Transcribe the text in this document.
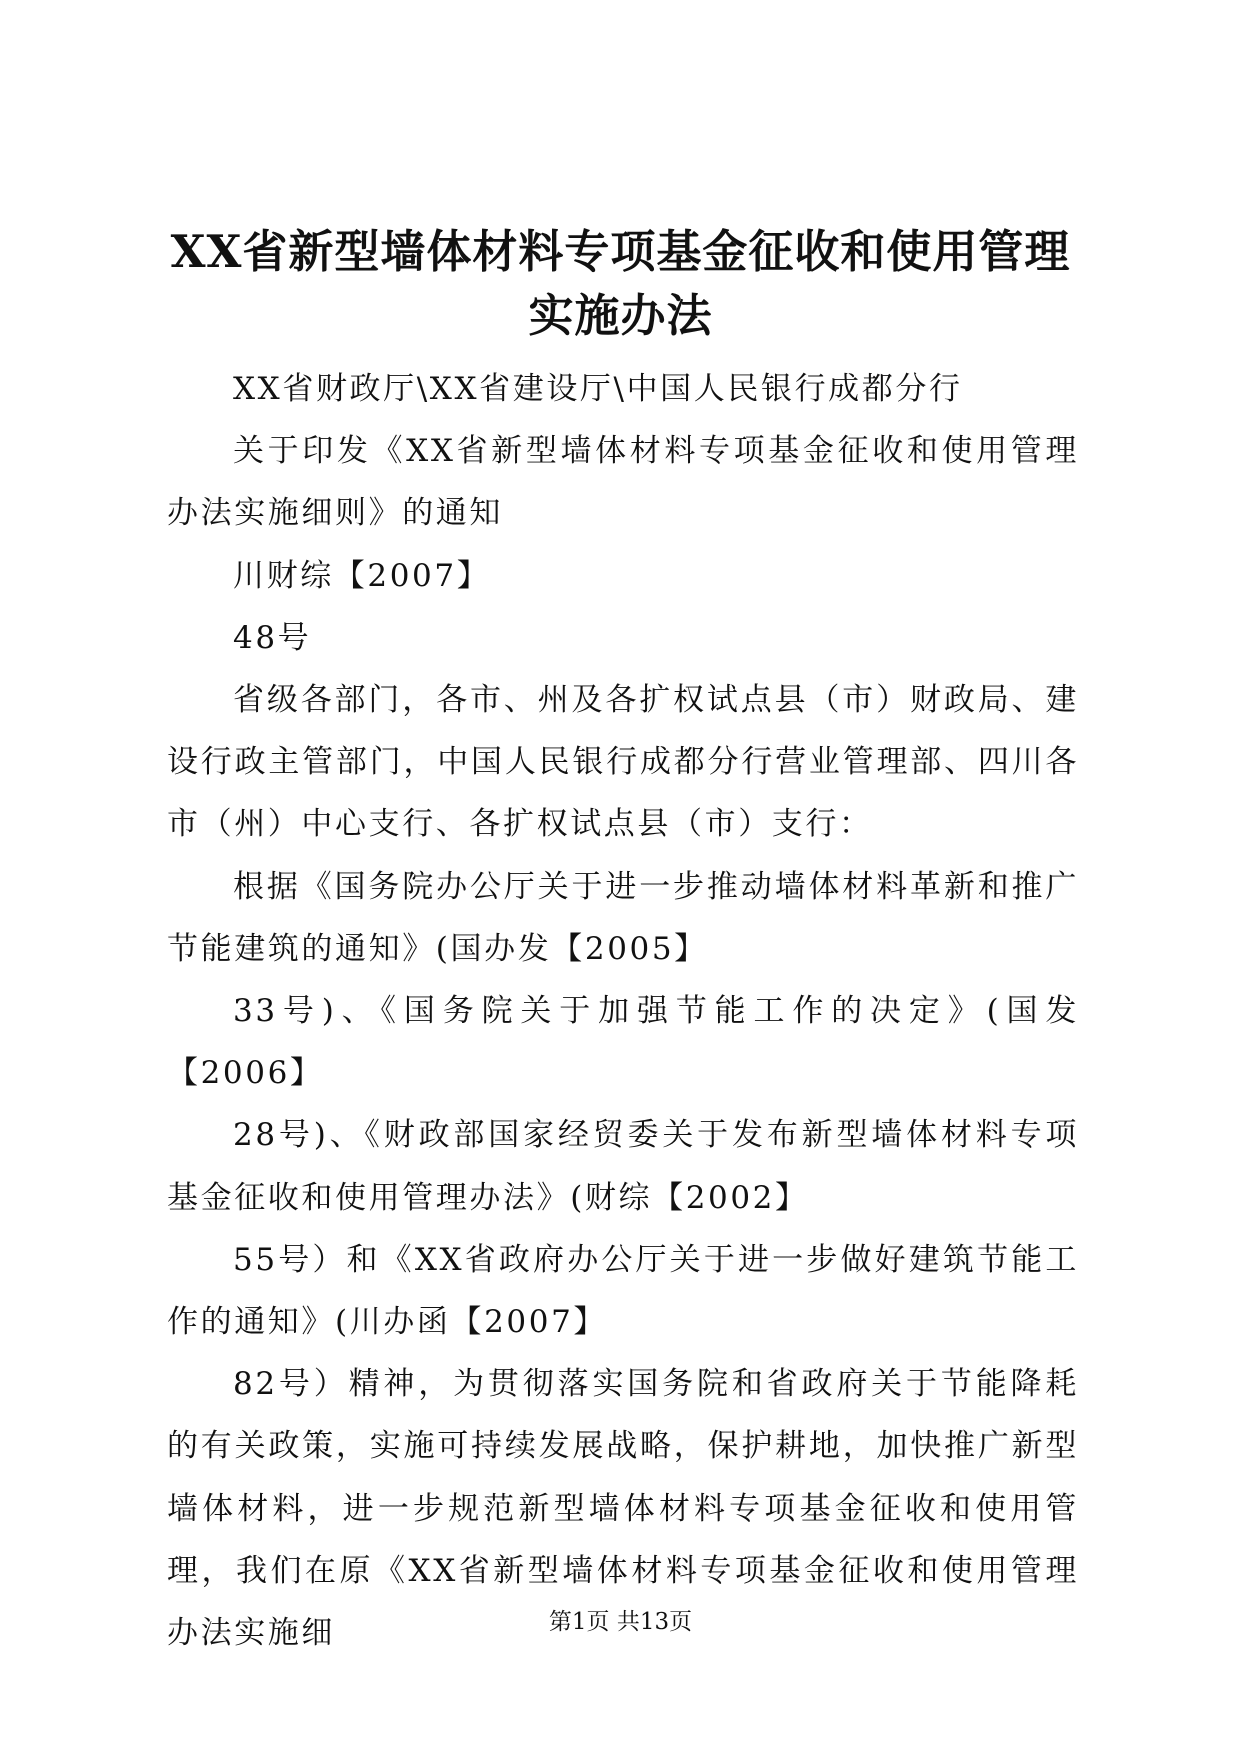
XX省新型墙体材料专项基金征收和使用管理
实施办法

XX省财政厅\XX省建设厅\中国人民银行成都分行

关于印发《XX省新型墙体材料专项基金征收和使用管理办法实施细则》的通知

川财综【2007】

48号

省级各部门，各市、州及各扩权试点县（市）财政局、建设行政主管部门，中国人民银行成都分行营业管理部、四川各市（州）中心支行、各扩权试点县（市）支行：

根据《国务院办公厅关于进一步推动墙体材料革新和推广节能建筑的通知》(国办发【2005】

33号)、《国务院关于加强节能工作的决定》(国发【2006】

28号)、《财政部国家经贸委关于发布新型墙体材料专项基金征收和使用管理办法》(财综【2002】

55号）和《XX省政府办公厅关于进一步做好建筑节能工作的通知》(川办函【2007】

82号）精神，为贯彻落实国务院和省政府关于节能降耗的有关政策，实施可持续发展战略，保护耕地，加快推广新型墙体材料，进一步规范新型墙体材料专项基金征收和使用管理，我们在原《XX省新型墙体材料专项基金征收和使用管理办法实施细	第1页 共13页
